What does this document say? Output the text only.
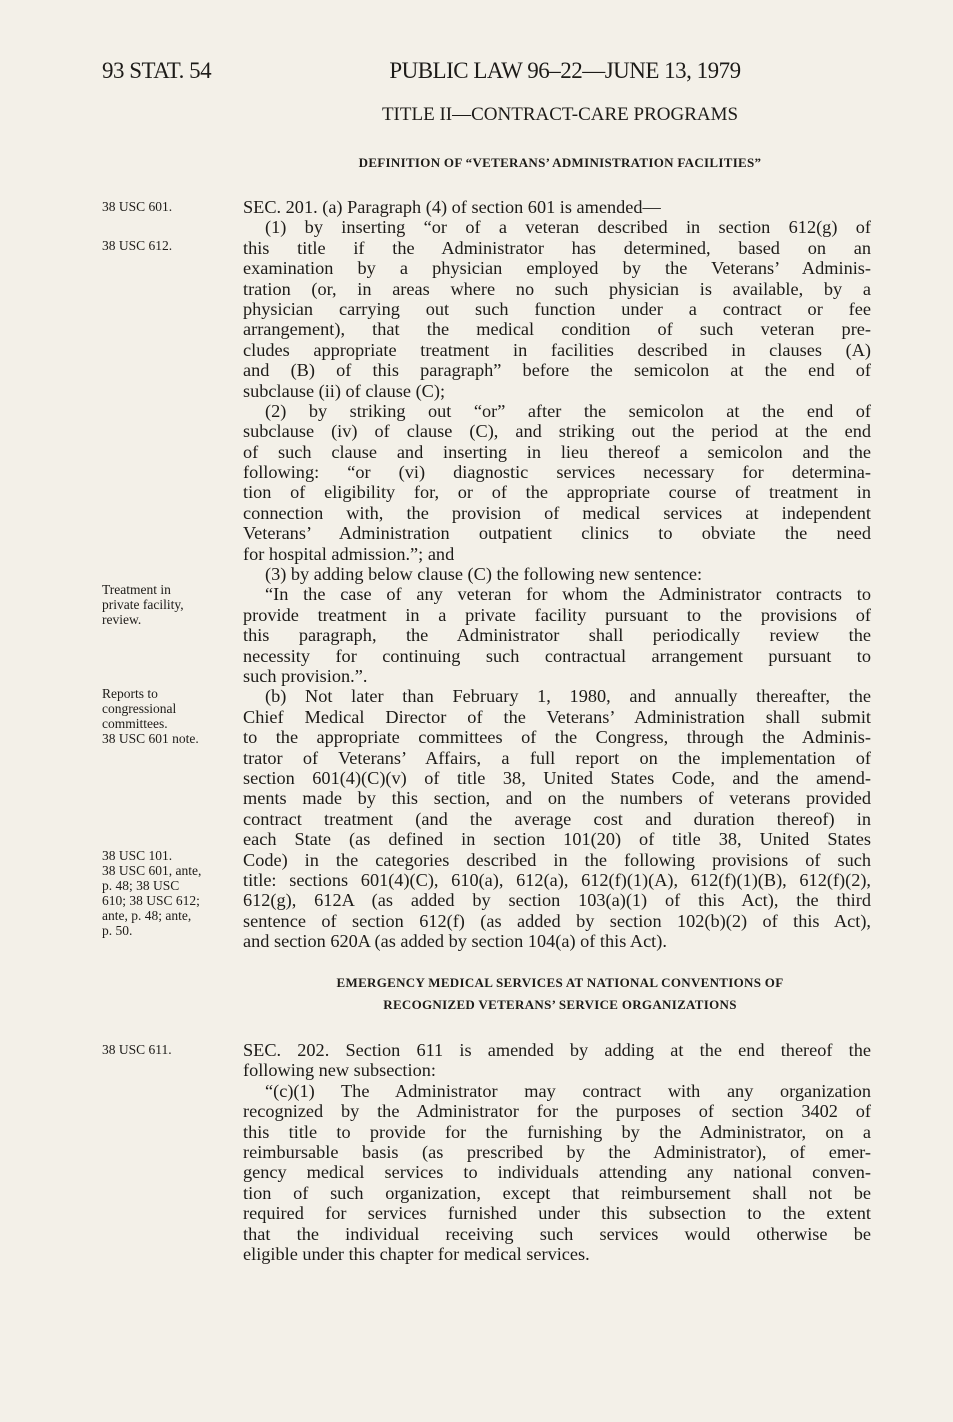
93 STAT. 54	PUBLIC LAW 96–22—JUNE 13, 1979
TITLE II—CONTRACT-CARE PROGRAMS
DEFINITION OF “VETERANS’ ADMINISTRATION FACILITIES”
EMERGENCY MEDICAL SERVICES AT NATIONAL CONVENTIONS OF
RECOGNIZED VETERANS’ SERVICE ORGANIZATIONS
SEC. 201. (a) Paragraph (4) of section 601 is amended—
(1) by inserting “or of a veteran described in section 612(g) of
this title if the Administrator has determined, based on an
examination by a physician employed by the Veterans’ Adminis-
tration (or, in areas where no such physician is available, by a
physician carrying out such function under a contract or fee
arrangement), that the medical condition of such veteran pre-
cludes appropriate treatment in facilities described in clauses (A)
and (B) of this paragraph” before the semicolon at the end of
subclause (ii) of clause (C);
(2) by striking out “or” after the semicolon at the end of
subclause (iv) of clause (C), and striking out the period at the end
of such clause and inserting in lieu thereof a semicolon and the
following: “or (vi) diagnostic services necessary for determina-
tion of eligibility for, or of the appropriate course of treatment in
connection with, the provision of medical services at independent
Veterans’ Administration outpatient clinics to obviate the need
for hospital admission.”; and
(3) by adding below clause (C) the following new sentence:
“In the case of any veteran for whom the Administrator contracts to
provide treatment in a private facility pursuant to the provisions of
this paragraph, the Administrator shall periodically review the
necessity for continuing such contractual arrangement pursuant to
such provision.”.
(b) Not later than February 1, 1980, and annually thereafter, the
Chief Medical Director of the Veterans’ Administration shall submit
to the appropriate committees of the Congress, through the Adminis-
trator of Veterans’ Affairs, a full report on the implementation of
section 601(4)(C)(v) of title 38, United States Code, and the amend-
ments made by this section, and on the numbers of veterans provided
contract treatment (and the average cost and duration thereof) in
each State (as defined in section 101(20) of title 38, United States
Code) in the categories described in the following provisions of such
title: sections 601(4)(C), 610(a), 612(a), 612(f)(1)(A), 612(f)(1)(B), 612(f)(2),
612(g), 612A (as added by section 103(a)(1) of this Act), the third
sentence of section 612(f) (as added by section 102(b)(2) of this Act),
and section 620A (as added by section 104(a) of this Act).
SEC. 202. Section 611 is amended by adding at the end thereof the
following new subsection:
“(c)(1) The Administrator may contract with any organization
recognized by the Administrator for the purposes of section 3402 of
this title to provide for the furnishing by the Administrator, on a
reimbursable basis (as prescribed by the Administrator), of emer-
gency medical services to individuals attending any national conven-
tion of such organization, except that reimbursement shall not be
required for services furnished under this subsection to the extent
that the individual receiving such services would otherwise be
eligible under this chapter for medical services.
38 USC 601.
38 USC 612.
Treatment in
private facility,
review.
Reports to
congressional
committees.
38 USC 601 note.
38 USC 101.
38 USC 601, ante,
p. 48; 38 USC
610; 38 USC 612;
ante, p. 48; ante,
p. 50.
38 USC 611.
